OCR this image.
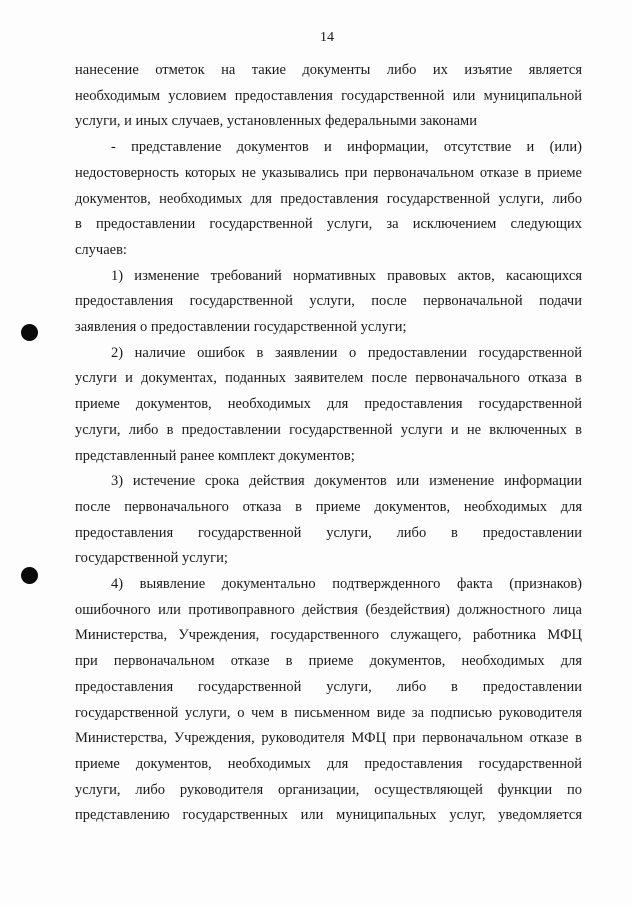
14

нанесение отметок на такие документы либо их изъятие является
необходимым условием предоставления государственной или муниципальной
услуги, и иных случаев, установленных федеральными законами

- представление документов и информации, отсутствие и (или)
недостоверность которых не указывались при первоначальном отказе в приеме
документов, необходимых для предоставления государственной услуги, либо
в предоставлении государственной услуги, за исключением следующих
случаев:

1) изменение требований нормативных правовых актов, касающихся
предоставления государственной услуги, после первоначальной подачи
заявления о предоставлении государственной услуги;

2) наличие ошибок в заявлении о предоставлении государственной
услуги и документах, поданных заявителем после первоначального отказа в
приеме документов, необходимых для предоставления государственной
услуги, либо в предоставлении государственной услуги и не включенных в
представленный ранее комплект документов;

3) истечение срока действия документов или изменение информации
после первоначального отказа в приеме документов, необходимых для
предоставления государственной услуги, либо в предоставлении
государственной услуги;

4) выявление документально подтвержденного факта (признаков)
ошибочного или противоправного действия (бездействия) должностного лица
Министерства, Учреждения, государственного служащего, работника МФЦ
при первоначальном отказе в приеме документов, необходимых для
предоставления государственной услуги, либо в предоставлении
государственной услуги, о чем в письменном виде за подписью руководителя
Министерства, Учреждения, руководителя МФЦ при первоначальном отказе в
приеме документов, необходимых для предоставления государственной
услуги, либо руководителя организации, осуществляющей функции по
представлению государственных или муниципальных услуг, уведомляется
